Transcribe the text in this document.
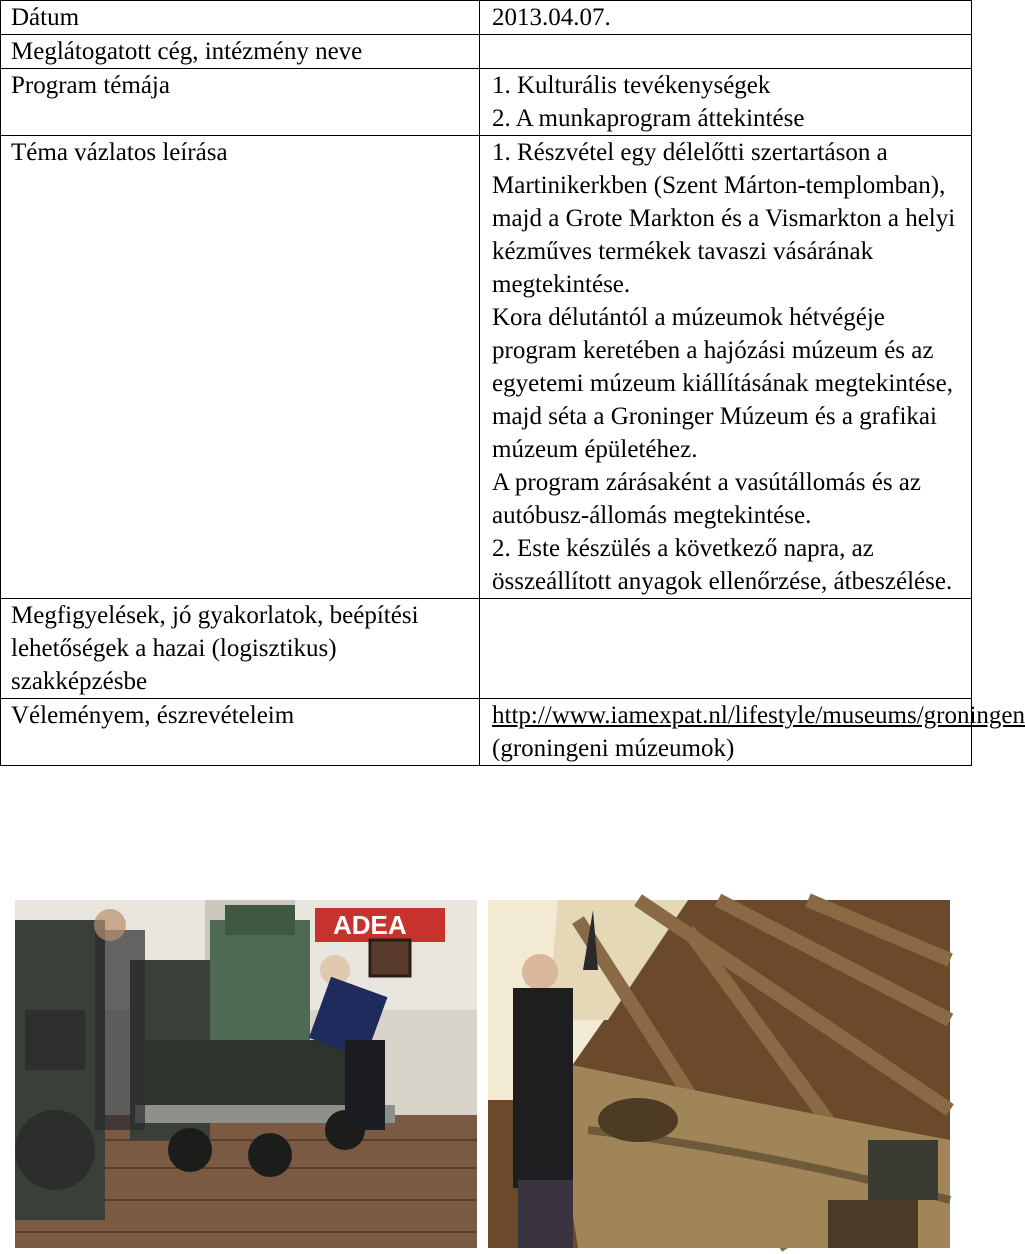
Dátum	2013.04.07.
Meglátogatott cég, intézmény neve	
Program témája	1. Kulturális tevékenységek
2. A munkaprogram áttekintése

Téma vázlatos leírása	1. Részvétel egy délelőtti szertartáson a Martinikerkben (Szent Márton-templomban), majd a Grote Markton és a Vismarkton a helyi kézműves termékek tavaszi vásárának megtekintése.
Kora délutántól a múzeumok hétvégéje program keretében a hajózási múzeum és az egyetemi múzeum kiállításának megtekintése, majd séta a Groninger Múzeum és a grafikai múzeum épületéhez.
A program zárásaként a vasútállomás és az autóbusz-állomás megtekintése.
2. Este készülés a következő napra, az összeállított anyagok ellenőrzése, átbeszélése.

Megfigyelések, jó gyakorlatok, beépítési lehetőségek a hazai (logisztikus) szakképzésbe	
Véleményem, észrevételeim	http://www.iamexpat.nl/lifestyle/museums/groningen (groningeni múzeumok)
ADEA
